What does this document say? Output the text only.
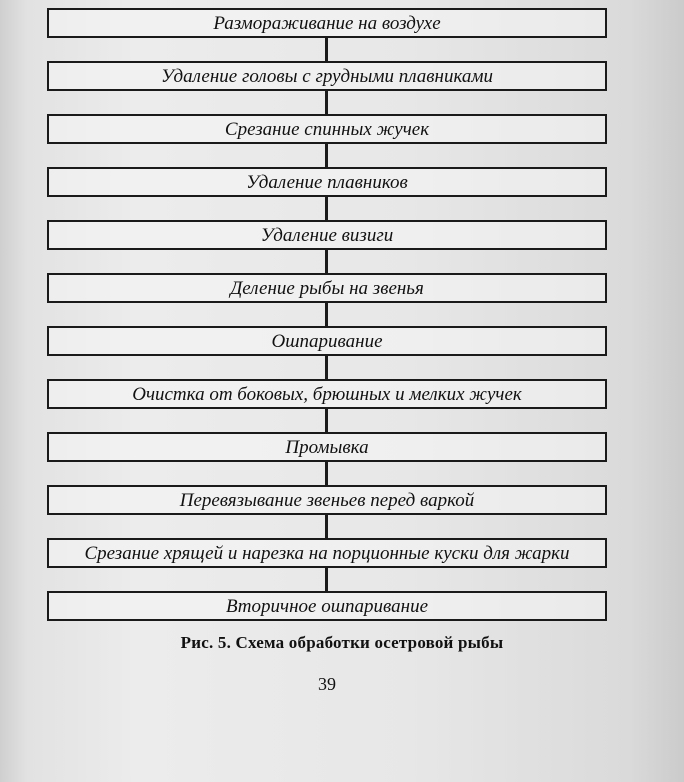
Размораживание на воздухе
Удаление головы с грудными плавниками
Срезание спинных жучек
Удаление плавников
Удаление визиги
Деление рыбы на звенья
Ошпаривание
Очистка от боковых, брюшных и мелких жучек
Промывка
Перевязывание звеньев перед варкой
Срезание хрящей и нарезка на порционные куски для жарки
Вторичное ошпаривание
Рис. 5. Схема обработки осетровой рыбы
39
